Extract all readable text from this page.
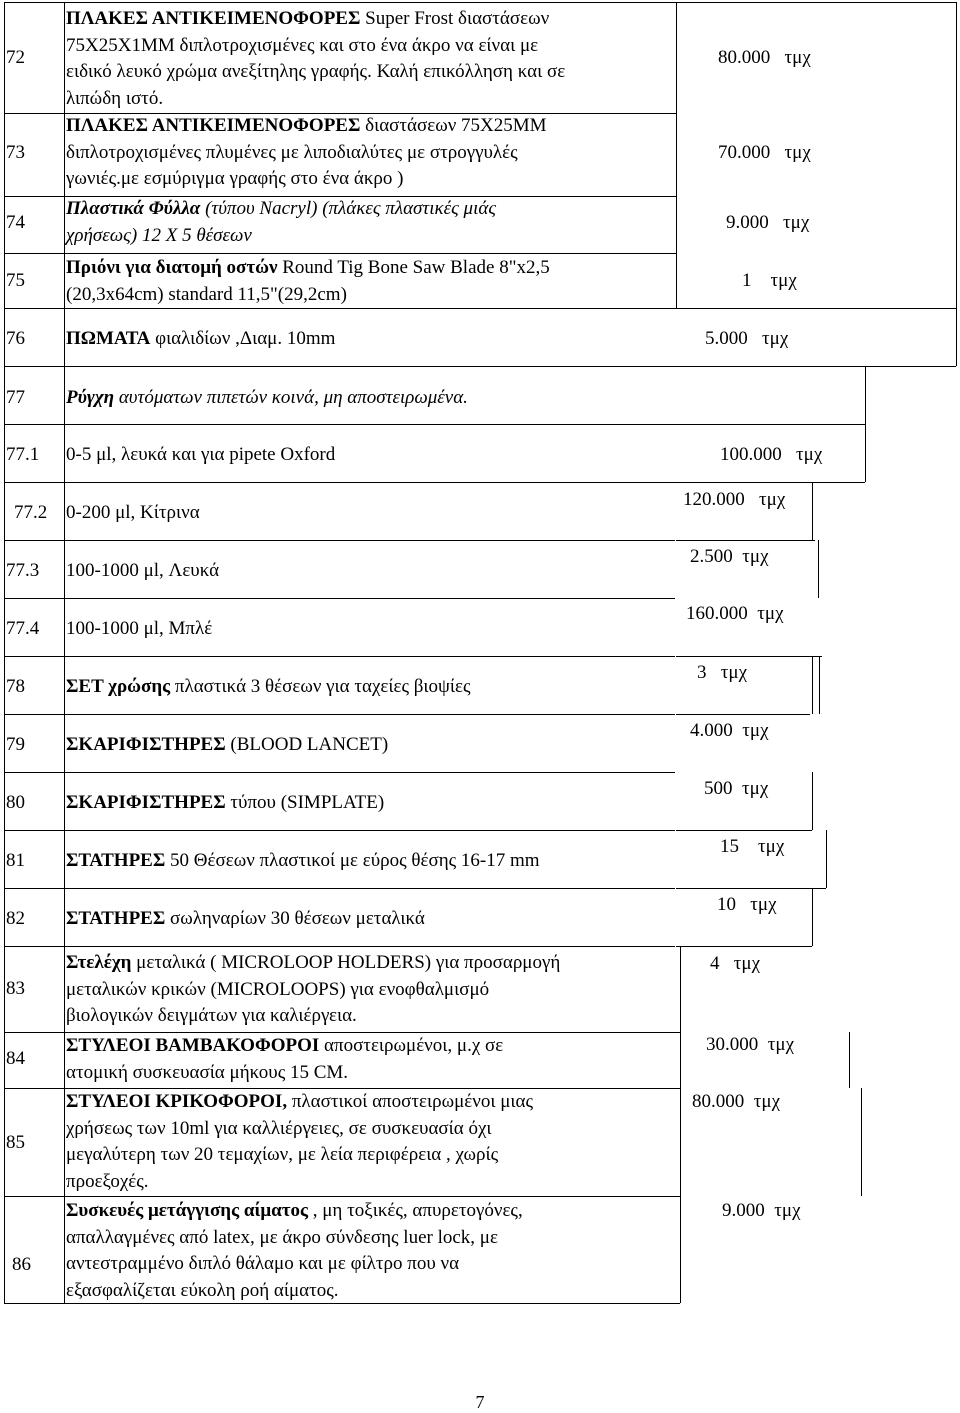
72
ΠΛΑΚΕΣ ΑΝΤΙΚΕΙΜΕΝΟΦΟΡΕΣ Super Frost διαστάσεων
75Χ25Χ1ΜΜ διπλοτροχισμένες και στο ένα άκρο να είναι με
ειδικό λευκό χρώμα ανεξίτηλης γραφής. Καλή επικόλληση και σε
λιπώδη ιστό.
80.000   τμχ
73
ΠΛΑΚΕΣ ΑΝΤΙΚΕΙΜΕΝΟΦΟΡΕΣ διαστάσεων 75Χ25ΜΜ
διπλοτροχισμένες πλυμένες με λιποδιαλύτες με στρογγυλές
γωνιές.με εσμύριγμα γραφής στο ένα άκρο )
70.000   τμχ
74
Πλαστικά Φύλλα (τύπου Nacryl) (πλάκες πλαστικές μιάς
χρήσεως) 12 Χ 5 θέσεων
9.000   τμχ
75
Πριόνι για διατομή οστών Round Tig Bone Saw Blade 8"x2,5
(20,3x64cm) standard 11,5"(29,2cm)
1    τμχ
76 ΠΩΜΑΤΑ φιαλιδίων ,Διαμ. 10mm	5.000   τμχ
77 Ρύγχη αυτόματων πιπετών κοινά, μη αποστειρωμένα.
77.1 0-5 μl, λευκά και για pipete Oxford	100.000   τμχ
77.2 0-200 μl, Κίτρινα
120.000   τμχ
77.3 100-1000 μl, Λευκά
2.500  τμχ
77.4 100-1000 μl, Μπλέ
160.000  τμχ
78 ΣΕΤ χρώσης πλαστικά 3 θέσεων για ταχείες βιοψίες
3   τμχ
79 ΣΚΑΡΙΦΙΣΤΗΡΕΣ (BLOOD LANCET)
4.000  τμχ
80 ΣΚΑΡΙΦΙΣΤΗΡΕΣ τύπου (SIMPLATE)
500  τμχ
81 ΣΤΑΤΗΡΕΣ 50 Θέσεων πλαστικοί με εύρος θέσης 16-17 mm
15    τμχ
82 ΣΤΑΤΗΡΕΣ σωληναρίων 30 θέσεων μεταλικά
10   τμχ
83
Στελέχη μεταλικά ( MICROLOOP HOLDERS) για προσαρμογή
μεταλικών κρικών (MICROLOOPS) για ενοφθαλμισμό
βιολογικών δειγμάτων για καλιέργεια.
4   τμχ
84
ΣΤΥΛΕΟΙ ΒΑΜΒΑΚΟΦΟΡΟΙ αποστειρωμένοι, μ.χ σε
ατομική συσκευασία μήκους 15 CM.
30.000  τμχ
85
ΣΤΥΛΕΟΙ ΚΡΙΚΟΦΟΡΟΙ, πλαστικοί αποστειρωμένοι μιας
χρήσεως των 10ml για καλλιέργειες, σε συσκευασία όχι
μεγαλύτερη των 20 τεμαχίων, με λεία περιφέρεια , χωρίς
προεξοχές.
80.000  τμχ
86
Συσκευές μετάγγισης αίματος , μη τοξικές, απυρετογόνες,
απαλλαγμένες από latex, με άκρο σύνδεσης luer lock, με
αντεστραμμένο διπλό θάλαμο και με φίλτρο που να
εξασφαλίζεται εύκολη ροή αίματος.
9.000  τμχ
7
